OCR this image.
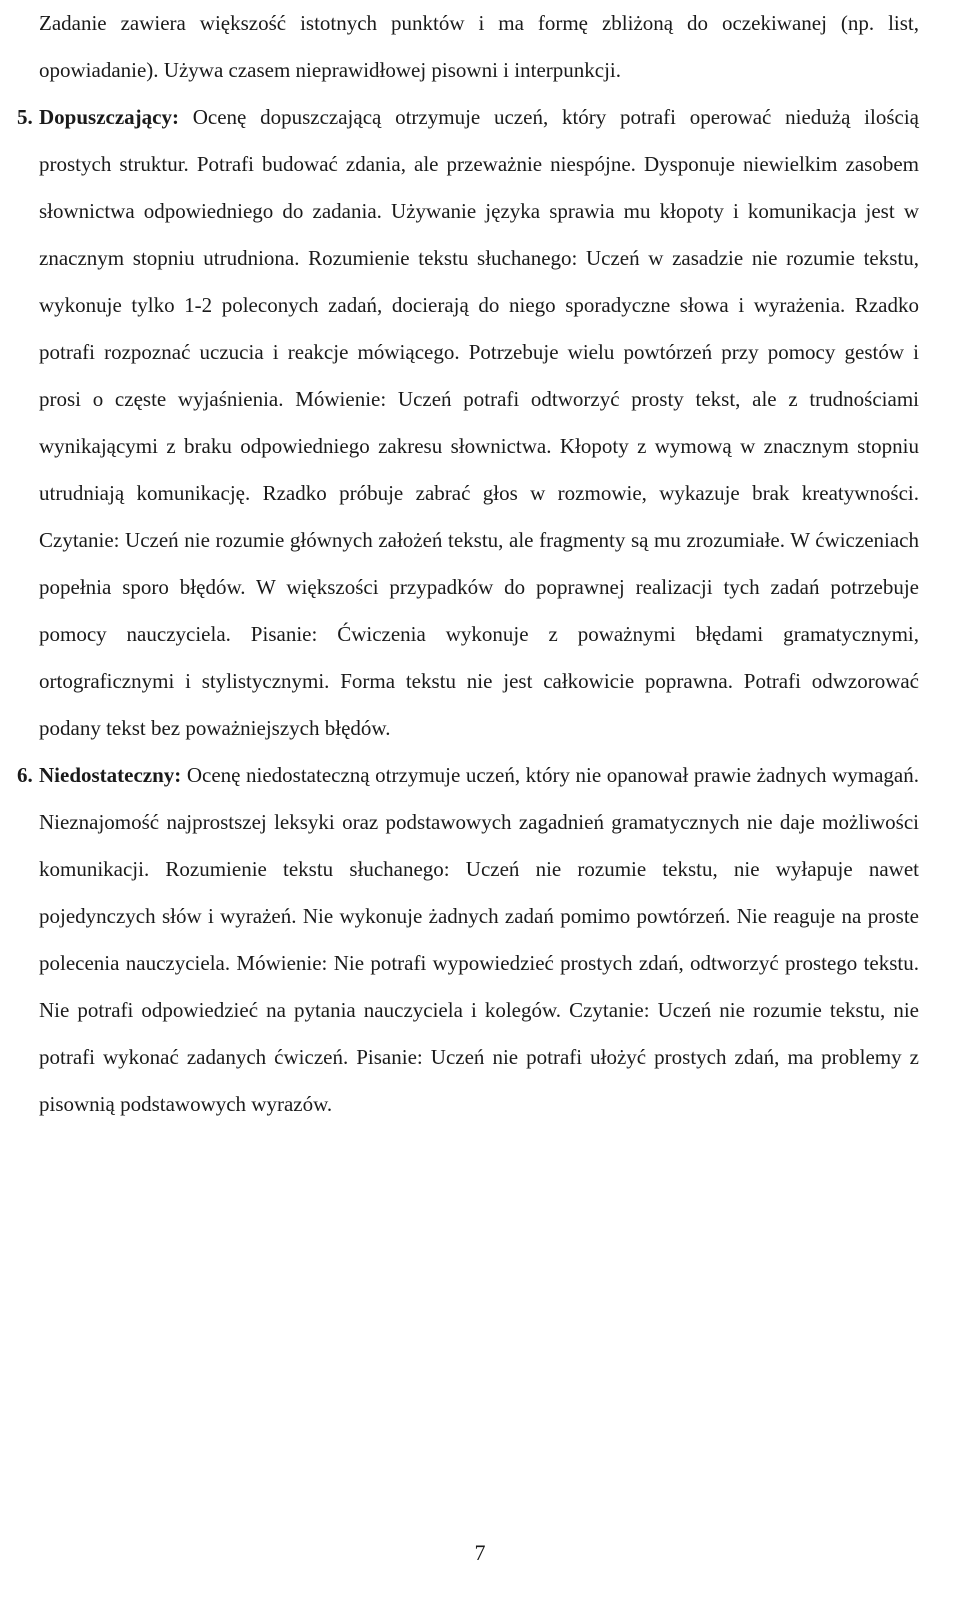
Zadanie zawiera większość istotnych punktów i ma formę zbliżoną do oczekiwanej (np. list, opowiadanie). Używa czasem nieprawidłowej pisowni i interpunkcji.

5. Dopuszczający: Ocenę dopuszczającą otrzymuje uczeń, który potrafi operować niedużą ilością prostych struktur. Potrafi budować zdania, ale przeważnie niespójne. Dysponuje niewielkim zasobem słownictwa odpowiedniego do zadania. Używanie języka sprawia mu kłopoty i komunikacja jest w znacznym stopniu utrudniona. Rozumienie tekstu słuchanego: Uczeń w zasadzie nie rozumie tekstu, wykonuje tylko 1-2 poleconych zadań, docierają do niego sporadyczne słowa i wyrażenia. Rzadko potrafi rozpoznać uczucia i reakcje mówiącego. Potrzebuje wielu powtórzeń przy pomocy gestów i prosi o częste wyjaśnienia. Mówienie: Uczeń potrafi odtworzyć prosty tekst, ale z trudnościami wynikającymi z braku odpowiedniego zakresu słownictwa. Kłopoty z wymową w znacznym stopniu utrudniają komunikację. Rzadko próbuje zabrać głos w rozmowie, wykazuje brak kreatywności. Czytanie: Uczeń nie rozumie głównych założeń tekstu, ale fragmenty są mu zrozumiałe. W ćwiczeniach popełnia sporo błędów. W większości przypadków do poprawnej realizacji tych zadań potrzebuje pomocy nauczyciela. Pisanie: Ćwiczenia wykonuje z poważnymi błędami gramatycznymi, ortograficznymi i stylistycznymi. Forma tekstu nie jest całkowicie poprawna. Potrafi odwzorować podany tekst bez poważniejszych błędów.

6. Niedostateczny: Ocenę niedostateczną otrzymuje uczeń, który nie opanował prawie żadnych wymagań. Nieznajomość najprostszej leksyki oraz podstawowych zagadnień gramatycznych nie daje możliwości komunikacji. Rozumienie tekstu słuchanego: Uczeń nie rozumie tekstu, nie wyłapuje nawet pojedynczych słów i wyrażeń. Nie wykonuje żadnych zadań pomimo powtórzeń. Nie reaguje na proste polecenia nauczyciela. Mówienie: Nie potrafi wypowiedzieć prostych zdań, odtworzyć prostego tekstu. Nie potrafi odpowiedzieć na pytania nauczyciela i kolegów. Czytanie: Uczeń nie rozumie tekstu, nie potrafi wykonać zadanych ćwiczeń. Pisanie: Uczeń nie potrafi ułożyć prostych zdań, ma problemy z pisownią podstawowych wyrazów.

7
